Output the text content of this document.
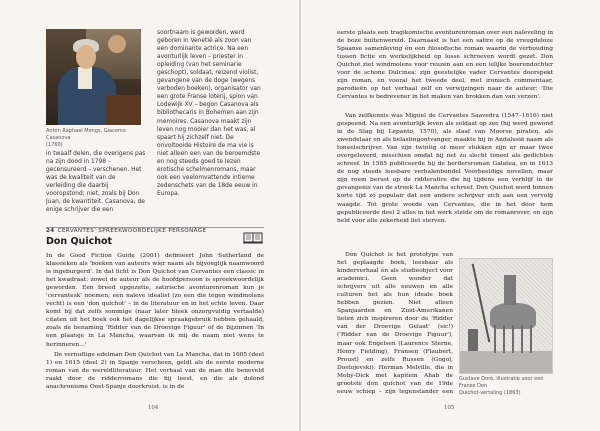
Anton Raphael Mengs, Giacomo Casanova
(1760)

in twaalf delen, die overigens pas na zijn dood in 1798 – gecensureerd – verschenen. Het was de kwaliteit van de verleiding die daarbij vooropstond; niet, zoals bij Don Juan, de kwantiteit. Casanova, de enige schrijver die een

soortnaam is geworden, werd geboren in Venetië als zoon van een dominante actrice. Na een avonturlijk leven – priester in opleiding (van het seminarie geschopt), soldaat, reizend violist, gevangene van de doge (wegens verboden boeken), organisator van een grote Franse loterij, spion van Lodewijk XV – begon Casanova als bibliothecaris in Bohemen aan zijn memoires. Casanova maakt zijn leven nog mooier dan het was, al spaart hij zichzelf niet. De onvoltooide Histoire de ma vie is niet alleen een van de beroemdste en nog steeds goed te lezen erotische schelmenromans, maar ook een veelomvattende intieme zedenschets van de 18de eeuw in Europa.

24 CERVANTES' SPREEKWOORDELIJKE PERSONAGE
Don Quichot

In de Good Fiction Guide (2001) definieert John Sutherland de klassieken als 'boeken van auteurs wier naam als bijvoeglijk naamwoord is ingeburgerd'. In dat licht is Don Quichot van Cervantes een classic in het kwadraat: zowel de auteur als de hoofdpersoon is spreekwoordelijk geworden. Een breed opgezette, satirische avonturenroman kun je 'cervantesk' noemen; een naïeve idealist (zo een die tegen windmolens vecht) is een 'don quichot' – in de literatuur en in het echte leven. Daar komt bij dat zelfs sommige (naar later bleek onzorgvuldig vertaalde) citaten uit het boek ook het dagelijkse spraakgebruik hebben gehaald, zoals de benaming 'Ridder van de Droevige Figuur' of de bijzinnen 'In een plaatsje in La Mancha, waarvan ik mij de naam niet wens te herinneren…'

De vernuftige edelman Don Quichot van La Mancha, dat in 1605 (deel 1) en 1615 (deel 2) in Spanje verscheen, geldt als de eerste moderne roman van de wereldliteratuur. Het verhaal van de man die beneveld raakt door de ridderromans die hij leest, en die als dolend anachronisme Oost-Spanje doorkruist, is in de

104

eerste plaats een tragikomische avonturenroman over een naïeveling in de boze buitenwereld. Daarnaast is het een satire op de vreugdeloze Spaanse samenleving én een filosofische roman waarin de verhouding tussen fictie en werkelijkheid op losse schroeven wordt gezet. Don Quichot ziet windmolens voor reuzen aan en een lelijke boerendochter voor de schone Dulcinea: zijn geestelijke vader Cervantes doorspekt zijn roman, en vooral het tweede deel, met ironisch commentaar, parodieën op het verhaal zelf en verwijzingen naar de auteur: 'Die Cervantes is bedrevener in het maken van brokken dan van verzen'.

Van zelfkennis was Miguel de Cervantes Saavedra (1547–1616) niet gespeend. Na een avonturlijk leven als soldaat op zee (hij werd gewond in de Slag bij Lepanto, 1570), als slaaf van Moorse piraten, als zwendelaar en als belastingontvanger, maakte hij in Andalusië naam als toneelschrijver. Van zijn twintig of meer stukken zijn er maar twee overgeleverd, misschien omdat hij net zo slecht toneel als gedichten schreef. In 1585 publiceerde hij de herdersroman Galatea, en in 1613 de nog steeds leesbare verhalenbundel Voorbeeldige novellen, maar zijn roem berust op de ridderatire die hij tijdens een verblijf in de gevangenis van de streek La Mancha schreef. Don Quichot werd binnen korte tijd zó populair dat een andere schrijver zich aan een vervolg waagde. Tot grote woede van Cervantes, die in het door hem gepubliceerde deel 2 alles in het werk stelde om de romanrover, en zijn held voor alle zekerheid liet sterven.

Don Quichot is het prototype van het geplaagde boek, leesbaar als kinderverhaal én als studieobject voor academici. Geen wonder dat schrijvers uit alle eeuwen en alle culturen het als hun ideale boek hebben gezien. Niet alleen Spanjaarden en Zuid-Amerikanen lieten zich inspireren door de 'Ridder van der Droevige Gelaat' (sic!) ('Ridder van de Droevige Figuur'), maar ook Engelsen (Laurence Sterne, Henry Fielding), Fransen (Flaubert, Proust) en zelfs Russen (Gogol, Dostojevski). Herman Melville, die in Moby-Dick met kapitein Ahab de grootste don quichot van de 19de eeuw schiep – zijn tegenstander een

Gustave Doré, illustratie voor een Franse Don
Quichot-vertaling (1863)
105
